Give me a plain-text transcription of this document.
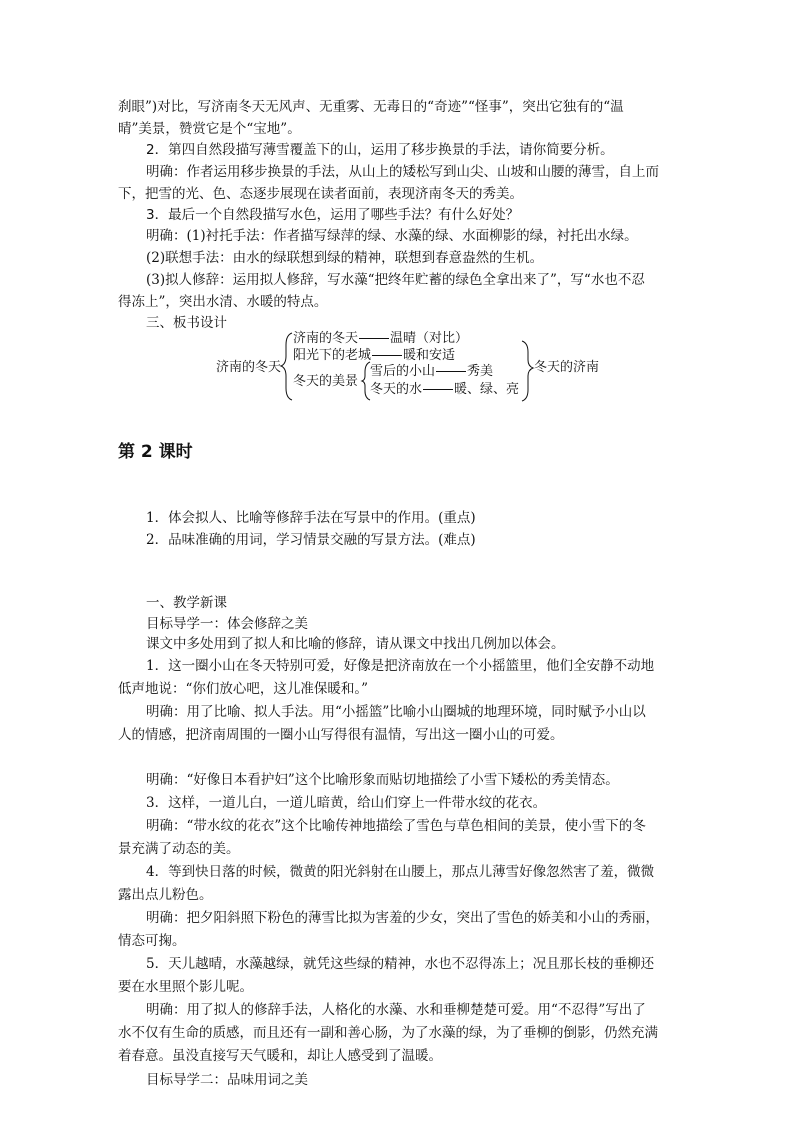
刹眼”)对比，写济南冬天无风声、无重雾、无毒日的“奇迹”“怪事”，突出它独有的“温
晴”美景，赞赏它是个“宝地”。
2．第四自然段描写薄雪覆盖下的山，运用了移步换景的手法，请你简要分析。
明确：作者运用移步换景的手法，从山上的矮松写到山尖、山坡和山腰的薄雪，自上而
下，把雪的光、色、态逐步展现在读者面前，表现济南冬天的秀美。
3．最后一个自然段描写水色，运用了哪些手法？有什么好处？
明确：(1)衬托手法：作者描写绿萍的绿、水藻的绿、水面柳影的绿，衬托出水绿。
(2)联想手法：由水的绿联想到绿的精神，联想到春意盎然的生机。
(3)拟人修辞：运用拟人修辞，写水藻“把终年贮蓄的绿色全拿出来了”，写“水也不忍
得冻上”，突出水清、水暖的特点。
三、板书设计
济南的冬天
济南的冬天 温晴（对比）
阳光下的老城 暖和安适
冬天的美景
雪后的小山 秀美
冬天的水 暖、绿、亮
冬天的济南
第 2 课时
1．体会拟人、比喻等修辞手法在写景中的作用。(重点)
2．品味准确的用词，学习情景交融的写景方法。(难点)
一、教学新课
目标导学一：体会修辞之美
课文中多处用到了拟人和比喻的修辞，请从课文中找出几例加以体会。
1．这一圈小山在冬天特别可爱，好像是把济南放在一个小摇篮里，他们全安静不动地
低声地说：“你们放心吧，这儿准保暖和。”
明确：用了比喻、拟人手法。用“小摇篮”比喻小山圈城的地理环境，同时赋予小山以
人的情感，把济南周围的一圈小山写得很有温情，写出这一圈小山的可爱。
明确：“好像日本看护妇”这个比喻形象而贴切地描绘了小雪下矮松的秀美情态。
3．这样，一道儿白，一道儿暗黄，给山们穿上一件带水纹的花衣。
明确：“带水纹的花衣”这个比喻传神地描绘了雪色与草色相间的美景，使小雪下的冬
景充满了动态的美。
4．等到快日落的时候，微黄的阳光斜射在山腰上，那点儿薄雪好像忽然害了羞，微微
露出点儿粉色。
明确：把夕阳斜照下粉色的薄雪比拟为害羞的少女，突出了雪色的娇美和小山的秀丽，
情态可掬。
5．天儿越晴，水藻越绿，就凭这些绿的精神，水也不忍得冻上；况且那长枝的垂柳还
要在水里照个影儿呢。
明确：用了拟人的修辞手法，人格化的水藻、水和垂柳楚楚可爱。用“不忍得”写出了
水不仅有生命的质感，而且还有一副和善心肠，为了水藻的绿，为了垂柳的倒影，仍然充满
着春意。虽没直接写天气暖和，却让人感受到了温暖。
目标导学二：品味用词之美
